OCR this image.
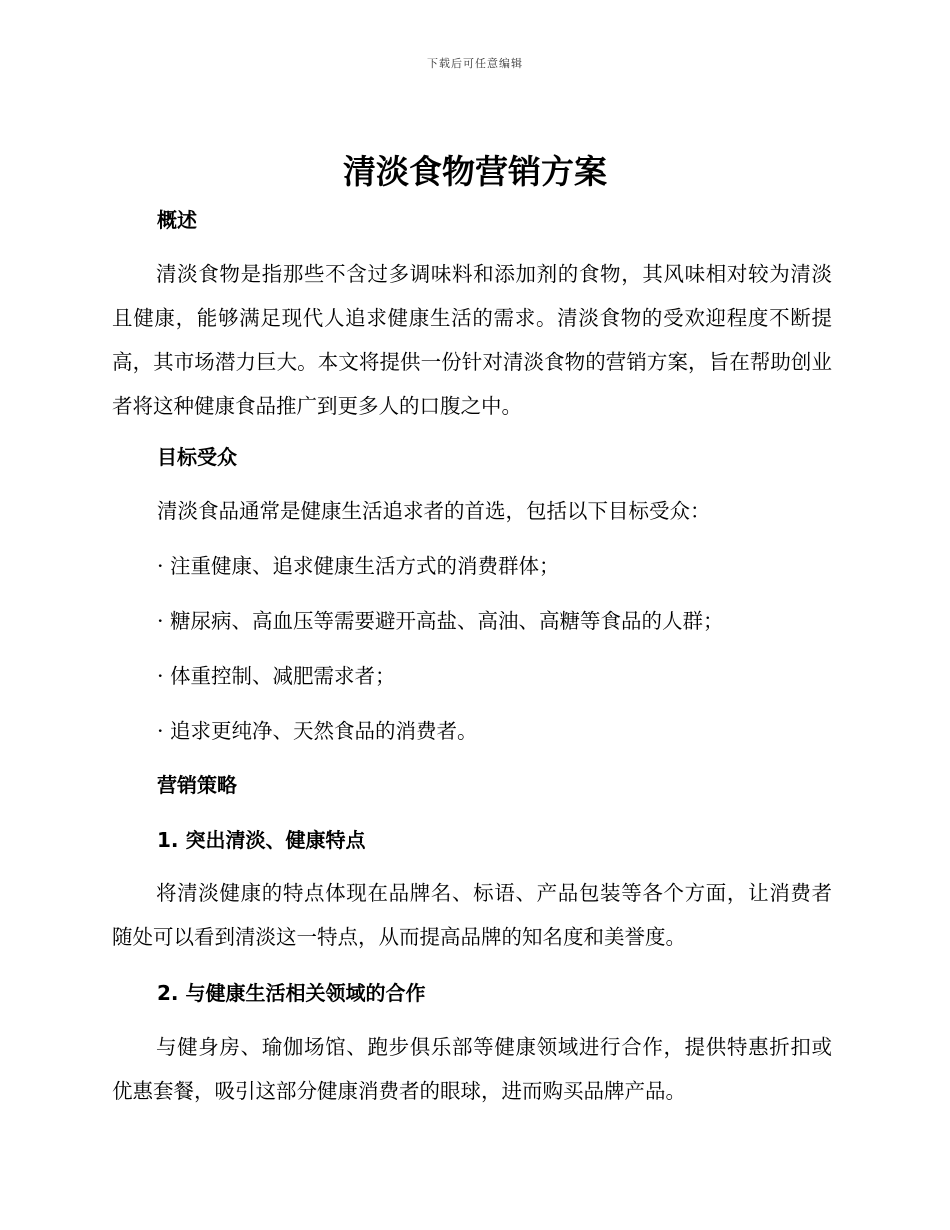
下载后可任意编辑
清淡食物营销方案
概述
清淡食物是指那些不含过多调味料和添加剂的食物，其风味相对较为清淡且健康，能够满足现代人追求健康生活的需求。清淡食物的受欢迎程度不断提高，其市场潜力巨大。本文将提供一份针对清淡食物的营销方案，旨在帮助创业者将这种健康食品推广到更多人的口腹之中。
目标受众
清淡食品通常是健康生活追求者的首选，包括以下目标受众：
· 注重健康、追求健康生活方式的消费群体；
· 糖尿病、高血压等需要避开高盐、高油、高糖等食品的人群；
· 体重控制、减肥需求者；
· 追求更纯净、天然食品的消费者。
营销策略
1. 突出清淡、健康特点
将清淡健康的特点体现在品牌名、标语、产品包装等各个方面，让消费者随处可以看到清淡这一特点，从而提高品牌的知名度和美誉度。
2. 与健康生活相关领域的合作
与健身房、瑜伽场馆、跑步俱乐部等健康领域进行合作，提供特惠折扣或优惠套餐，吸引这部分健康消费者的眼球，进而购买品牌产品。
